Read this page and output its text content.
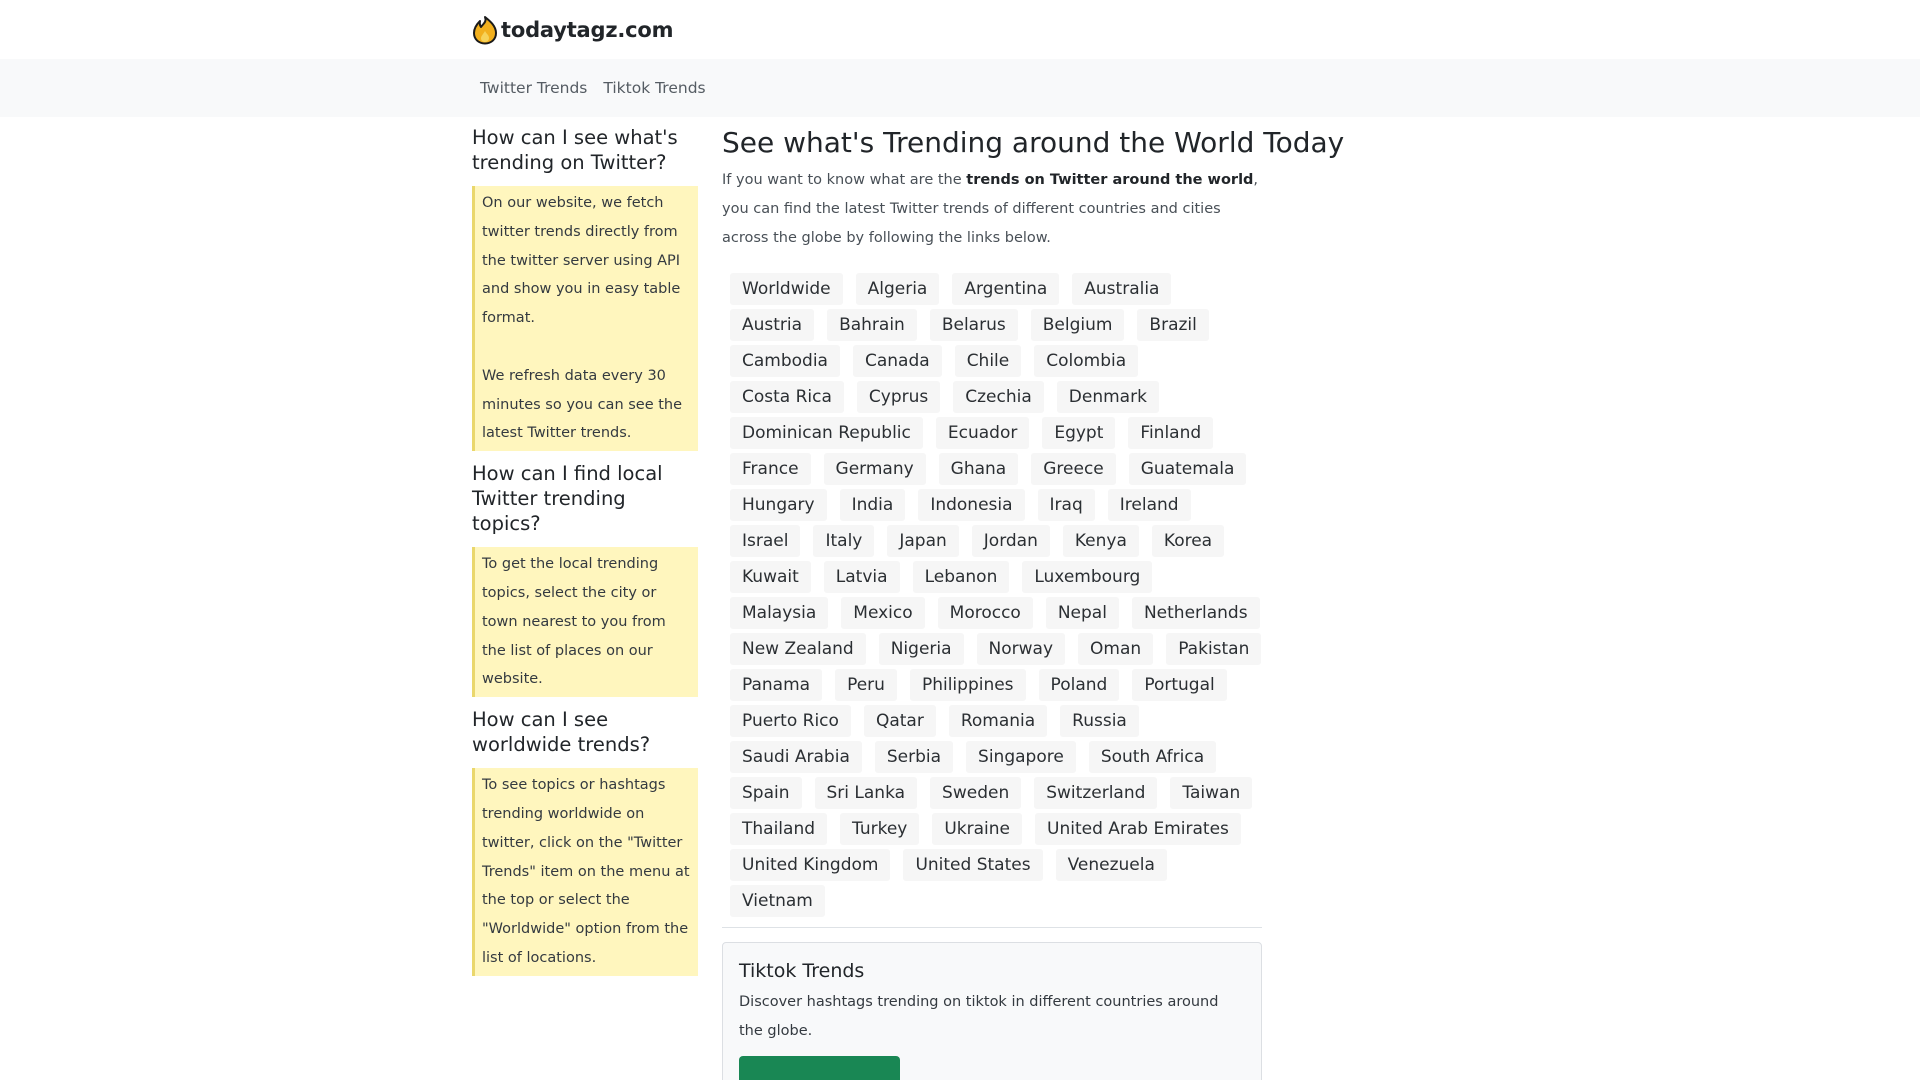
todaytagz.com
Twitter Trends	Tiktok Trends
How can I see what's trending on Twitter?

On our website, we fetch twitter trends directly from the twitter server using API and show you in easy table format.

We refresh data every 30 minutes so you can see the latest Twitter trends.

How can I find local Twitter trending topics?

To get the local trending topics, select the city or town nearest to you from the list of places on our website.

How can I see worldwide trends?

To see topics or hashtags trending worldwide on twitter, click on the "Twitter Trends" item on the menu at the top or select the "Worldwide" option from the list of locations.

See what's Trending around the World Today

If you want to know what are the trends on Twitter around the world, you can find the latest Twitter trends of different countries and cities across the globe by following the links below.

Worldwide	Algeria	Argentina	Australia
Austria	Bahrain	Belarus	Belgium	Brazil
Cambodia	Canada	Chile	Colombia
Costa Rica	Cyprus	Czechia	Denmark
Dominican Republic	Ecuador	Egypt	Finland
France	Germany	Ghana	Greece	Guatemala
Hungary	India	Indonesia	Iraq	Ireland
Israel	Italy	Japan	Jordan	Kenya	Korea
Kuwait	Latvia	Lebanon	Luxembourg
Malaysia	Mexico	Morocco	Nepal	Netherlands
New Zealand	Nigeria	Norway	Oman	Pakistan
Panama	Peru	Philippines	Poland	Portugal
Puerto Rico	Qatar	Romania	Russia
Saudi Arabia	Serbia	Singapore	South Africa
Spain	Sri Lanka	Sweden	Switzerland	Taiwan
Thailand	Turkey	Ukraine	United Arab Emirates
United Kingdom	United States	Venezuela
Vietnam
Tiktok Trends

Discover hashtags trending on tiktok in different countries around the globe.
